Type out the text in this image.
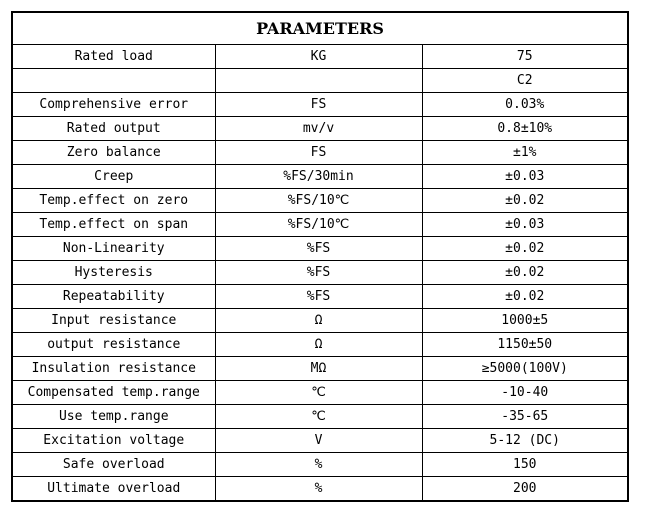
PARAMETERS		
Rated load	KG	75
		C2
Comprehensive error	FS	0.03%
Rated output	mv/v	0.8±10%
Zero balance	FS	±1%
Creep	%FS/30min	±0.03
Temp.effect on zero	%FS/10℃	±0.02
Temp.effect on span	%FS/10℃	±0.03
Non-Linearity	%FS	±0.02
Hysteresis	%FS	±0.02
Repeatability	%FS	±0.02
Input resistance	Ω	1000±5
output resistance	Ω	1150±50
Insulation resistance	MΩ	≥5000(100V)
Compensated temp.range	℃	-10-40
Use temp.range	℃	-35-65
Excitation voltage	V	5-12 (DC)
Safe overload	%	150
Ultimate overload	%	200
